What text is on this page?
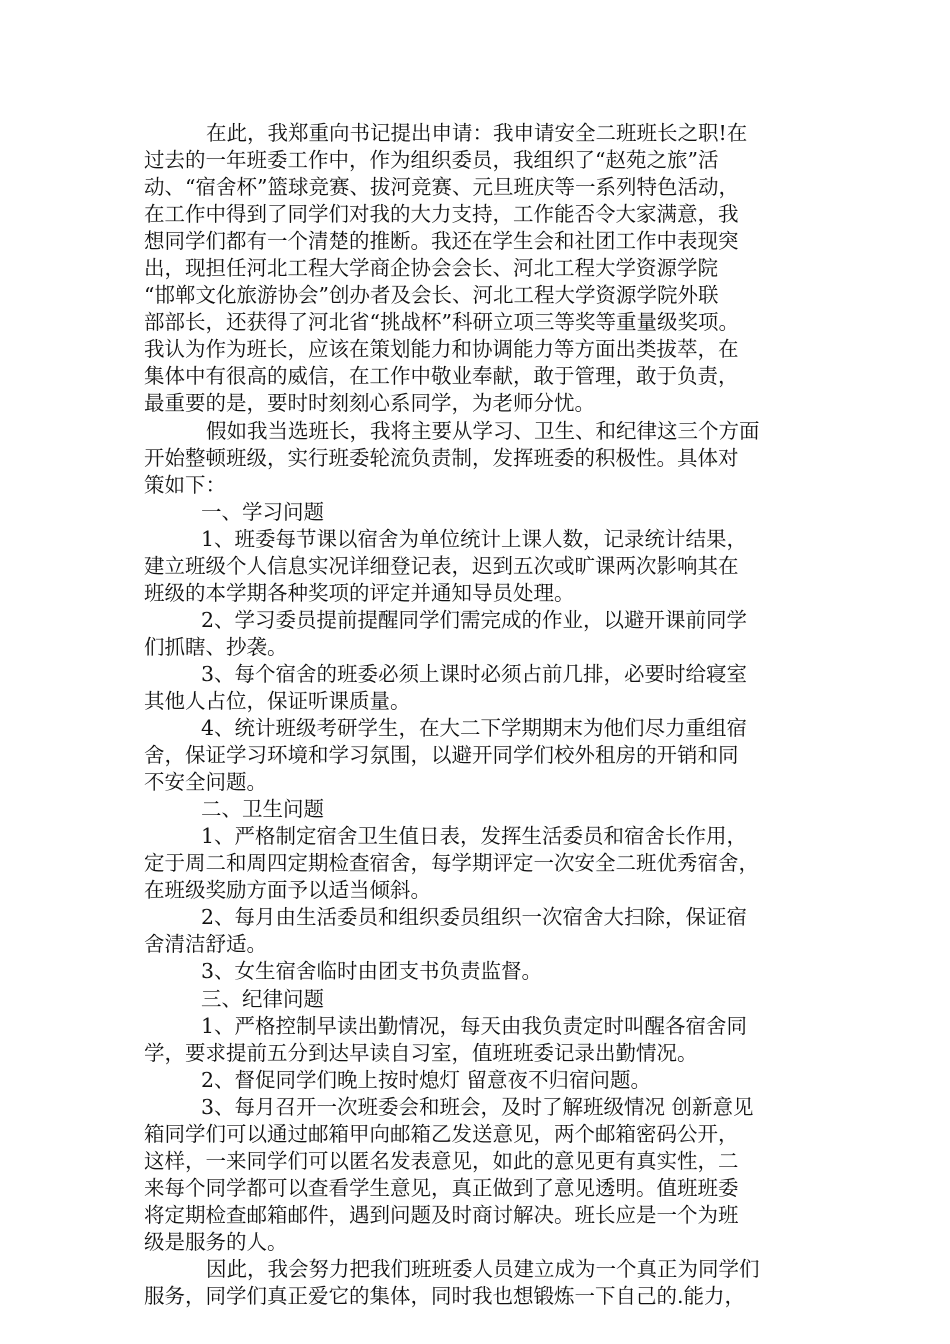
在此，我郑重向书记提出申请：我申请安全二班班长之职!在
过去的一年班委工作中，作为组织委员，我组织了“赵苑之旅”活
动、“宿舍杯”篮球竞赛、拔河竞赛、元旦班庆等一系列特色活动，
在工作中得到了同学们对我的大力支持，工作能否令大家满意，我
想同学们都有一个清楚的推断。我还在学生会和社团工作中表现突
出，现担任河北工程大学商企协会会长、河北工程大学资源学院
“邯郸文化旅游协会”创办者及会长、河北工程大学资源学院外联
部部长，还获得了河北省“挑战杯”科研立项三等奖等重量级奖项。
我认为作为班长，应该在策划能力和协调能力等方面出类拔萃，在
集体中有很高的威信，在工作中敬业奉献，敢于管理，敢于负责，
最重要的是，要时时刻刻心系同学，为老师分忧。
假如我当选班长，我将主要从学习、卫生、和纪律这三个方面
开始整顿班级，实行班委轮流负责制，发挥班委的积极性。具体对
策如下：
一、学习问题
1、班委每节课以宿舍为单位统计上课人数，记录统计结果，
建立班级个人信息实况详细登记表，迟到五次或旷课两次影响其在
班级的本学期各种奖项的评定并通知导员处理。
2、学习委员提前提醒同学们需完成的作业，以避开课前同学
们抓瞎、抄袭。
3、每个宿舍的班委必须上课时必须占前几排，必要时给寝室
其他人占位，保证听课质量。
4、统计班级考研学生，在大二下学期期末为他们尽力重组宿
舍，保证学习环境和学习氛围，以避开同学们校外租房的开销和同
不安全问题。
二、卫生问题
1、严格制定宿舍卫生值日表，发挥生活委员和宿舍长作用，
定于周二和周四定期检查宿舍，每学期评定一次安全二班优秀宿舍，
在班级奖励方面予以适当倾斜。
2、每月由生活委员和组织委员组织一次宿舍大扫除，保证宿
舍清洁舒适。
3、女生宿舍临时由团支书负责监督。
三、纪律问题
1、严格控制早读出勤情况，每天由我负责定时叫醒各宿舍同
学，要求提前五分到达早读自习室，值班班委记录出勤情况。
2、督促同学们晚上按时熄灯 留意夜不归宿问题。
3、每月召开一次班委会和班会，及时了解班级情况 创新意见
箱同学们可以通过邮箱甲向邮箱乙发送意见，两个邮箱密码公开，
这样，一来同学们可以匿名发表意见，如此的意见更有真实性，二
来每个同学都可以查看学生意见，真正做到了意见透明。值班班委
将定期检查邮箱邮件，遇到问题及时商讨解决。班长应是一个为班
级是服务的人。
因此，我会努力把我们班班委人员建立成为一个真正为同学们
服务，同学们真正爱它的集体，同时我也想锻炼一下自己的.能力，
